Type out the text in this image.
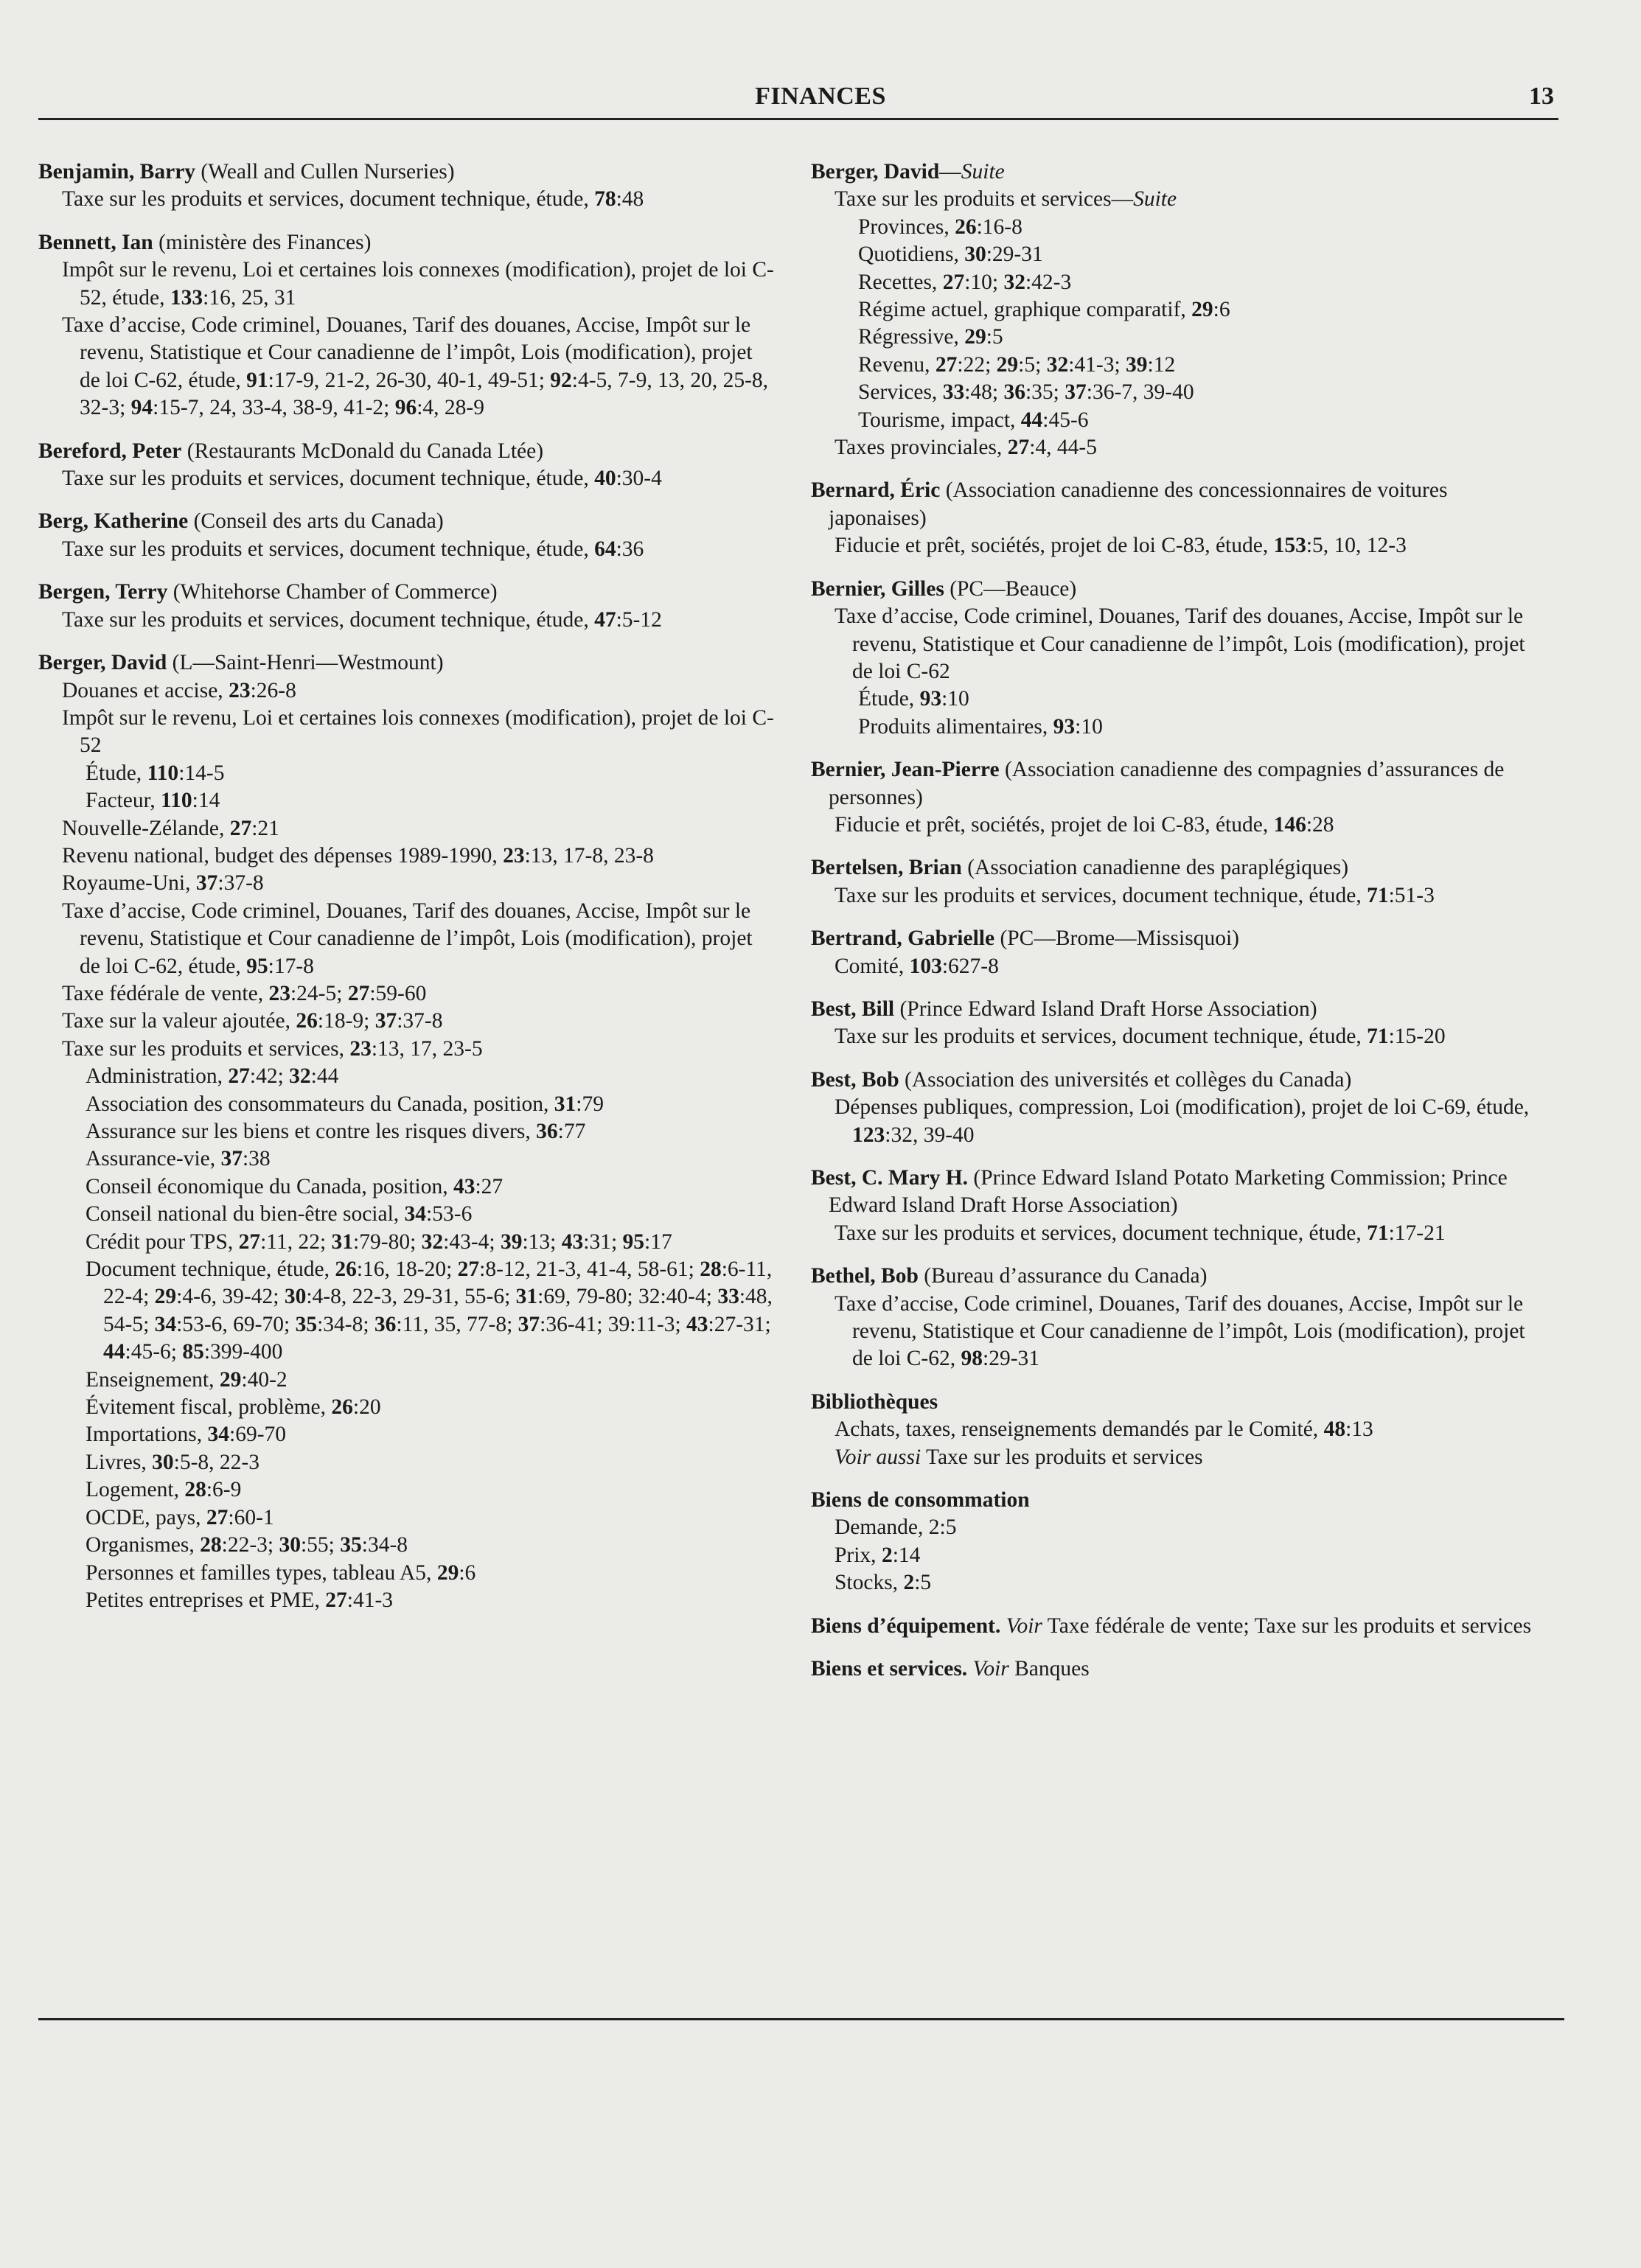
FINANCES	13
Benjamin, Barry (Weall and Cullen Nurseries)
Taxe sur les produits et services, document technique, étude, 78:48
Bennett, Ian (ministère des Finances)
Impôt sur le revenu, Loi et certaines lois connexes (modification), projet de loi C-52, étude, 133:16, 25, 31
Taxe d’accise, Code criminel, Douanes, Tarif des douanes, Accise, Impôt sur le revenu, Statistique et Cour canadienne de l’impôt, Lois (modification), projet de loi C-62, étude, 91:17-9, 21-2, 26-30, 40-1, 49-51; 92:4-5, 7-9, 13, 20, 25-8, 32-3; 94:15-7, 24, 33-4, 38-9, 41-2; 96:4, 28-9
Bereford, Peter (Restaurants McDonald du Canada Ltée)
Taxe sur les produits et services, document technique, étude, 40:30-4
Berg, Katherine (Conseil des arts du Canada)
Taxe sur les produits et services, document technique, étude, 64:36
Bergen, Terry (Whitehorse Chamber of Commerce)
Taxe sur les produits et services, document technique, étude, 47:5-12
Berger, David (L—Saint-Henri—Westmount)
Douanes et accise, 23:26-8
Impôt sur le revenu, Loi et certaines lois connexes (modification), projet de loi C-52
Étude, 110:14-5
Facteur, 110:14
Nouvelle-Zélande, 27:21
Revenu national, budget des dépenses 1989-1990, 23:13, 17-8, 23-8
Royaume-Uni, 37:37-8
Taxe d’accise, Code criminel, Douanes, Tarif des douanes, Accise, Impôt sur le revenu, Statistique et Cour canadienne de l’impôt, Lois (modification), projet de loi C-62, étude, 95:17-8
Taxe fédérale de vente, 23:24-5; 27:59-60
Taxe sur la valeur ajoutée, 26:18-9; 37:37-8
Taxe sur les produits et services, 23:13, 17, 23-5
Administration, 27:42; 32:44
Association des consommateurs du Canada, position, 31:79
Assurance sur les biens et contre les risques divers, 36:77
Assurance-vie, 37:38
Conseil économique du Canada, position, 43:27
Conseil national du bien-être social, 34:53-6
Crédit pour TPS, 27:11, 22; 31:79-80; 32:43-4; 39:13; 43:31; 95:17
Document technique, étude, 26:16, 18-20; 27:8-12, 21-3, 41-4, 58-61; 28:6-11, 22-4; 29:4-6, 39-42; 30:4-8, 22-3, 29-31, 55-6; 31:69, 79-80; 32:40-4; 33:48, 54-5; 34:53-6, 69-70; 35:34-8; 36:11, 35, 77-8; 37:36-41; 39:11-3; 43:27-31; 44:45-6; 85:399-400
Enseignement, 29:40-2
Évitement fiscal, problème, 26:20
Importations, 34:69-70
Livres, 30:5-8, 22-3
Logement, 28:6-9
OCDE, pays, 27:60-1
Organismes, 28:22-3; 30:55; 35:34-8
Personnes et familles types, tableau A5, 29:6
Petites entreprises et PME, 27:41-3
Berger, David—Suite
Taxe sur les produits et services—Suite
Provinces, 26:16-8
Quotidiens, 30:29-31
Recettes, 27:10; 32:42-3
Régime actuel, graphique comparatif, 29:6
Régressive, 29:5
Revenu, 27:22; 29:5; 32:41-3; 39:12
Services, 33:48; 36:35; 37:36-7, 39-40
Tourisme, impact, 44:45-6
Taxes provinciales, 27:4, 44-5
Bernard, Éric (Association canadienne des concessionnaires de voitures japonaises)
Fiducie et prêt, sociétés, projet de loi C-83, étude, 153:5, 10, 12-3
Bernier, Gilles (PC—Beauce)
Taxe d’accise, Code criminel, Douanes, Tarif des douanes, Accise, Impôt sur le revenu, Statistique et Cour canadienne de l’impôt, Lois (modification), projet de loi C-62
Étude, 93:10
Produits alimentaires, 93:10
Bernier, Jean-Pierre (Association canadienne des compagnies d’assurances de personnes)
Fiducie et prêt, sociétés, projet de loi C-83, étude, 146:28
Bertelsen, Brian (Association canadienne des paraplégiques)
Taxe sur les produits et services, document technique, étude, 71:51-3
Bertrand, Gabrielle (PC—Brome—Missisquoi)
Comité, 103:627-8
Best, Bill (Prince Edward Island Draft Horse Association)
Taxe sur les produits et services, document technique, étude, 71:15-20
Best, Bob (Association des universités et collèges du Canada)
Dépenses publiques, compression, Loi (modification), projet de loi C-69, étude, 123:32, 39-40
Best, C. Mary H. (Prince Edward Island Potato Marketing Commission; Prince Edward Island Draft Horse Association)
Taxe sur les produits et services, document technique, étude, 71:17-21
Bethel, Bob (Bureau d’assurance du Canada)
Taxe d’accise, Code criminel, Douanes, Tarif des douanes, Accise, Impôt sur le revenu, Statistique et Cour canadienne de l’impôt, Lois (modification), projet de loi C-62, 98:29-31
Bibliothèques
Achats, taxes, renseignements demandés par le Comité, 48:13
Voir aussi Taxe sur les produits et services
Biens de consommation
Demande, 2:5
Prix, 2:14
Stocks, 2:5
Biens d’équipement. Voir Taxe fédérale de vente; Taxe sur les produits et services
Biens et services. Voir Banques
